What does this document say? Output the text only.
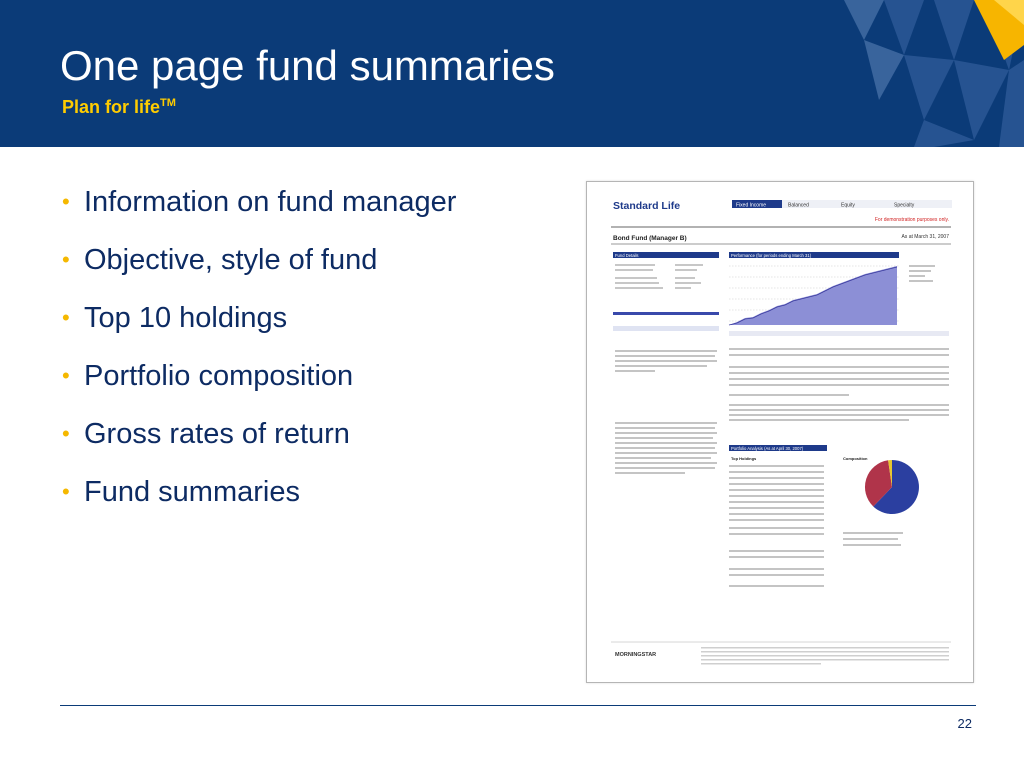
One page fund summaries
Plan for life™
• Information on fund manager
• Objective, style of fund
• Top 10 holdings
• Portfolio composition
• Gross rates of return
• Fund summaries
Standard Life	Fixed Income	Balanced	Equity	Specialty
For demonstration purposes only.
Bond Fund (Manager B)	As at March 31, 2007
Fund Details	Performance (for periods ending March 31)
Portfolio Analysis (As at April 30, 2007)
Top Holdings	Composition
MORNINGSTAR
22
